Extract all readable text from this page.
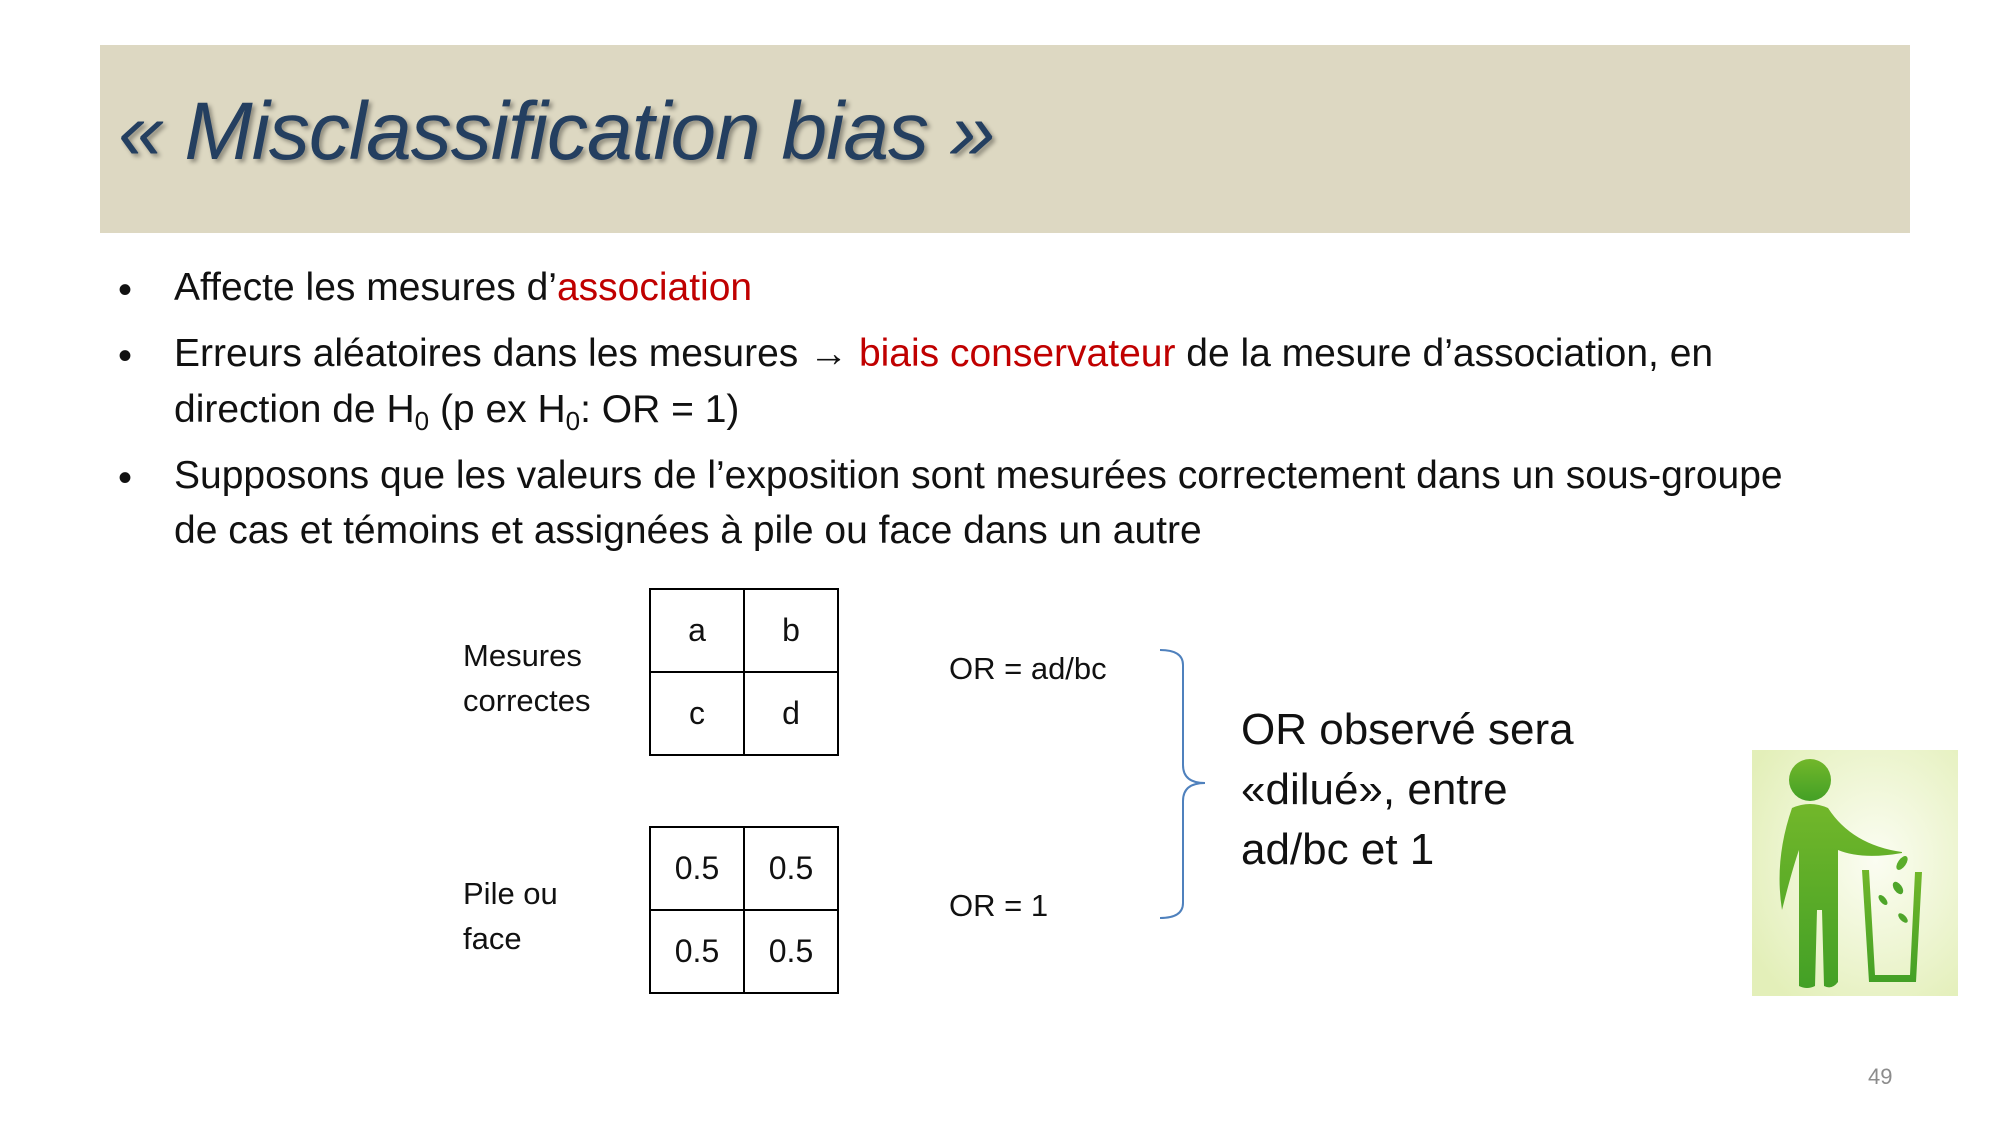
« Misclassification bias »
• Affecte les mesures d’association
• Erreurs aléatoires dans les mesures → biais conservateur de la mesure d’association, en
direction de $H_0$ (p ex $H_0$: OR = 1)
• Supposons que les valeurs de l’exposition sont mesurées correctement dans un sous-groupe
de cas et témoins et assignées à pile ou face dans un autre
Mesures
correctes
a	b
c	d
Pile ou
face
0.5	0.5
0.5	0.5
OR = ad/bc
OR = 1
OR observé sera
«dilué», entre
ad/bc et 1
49
